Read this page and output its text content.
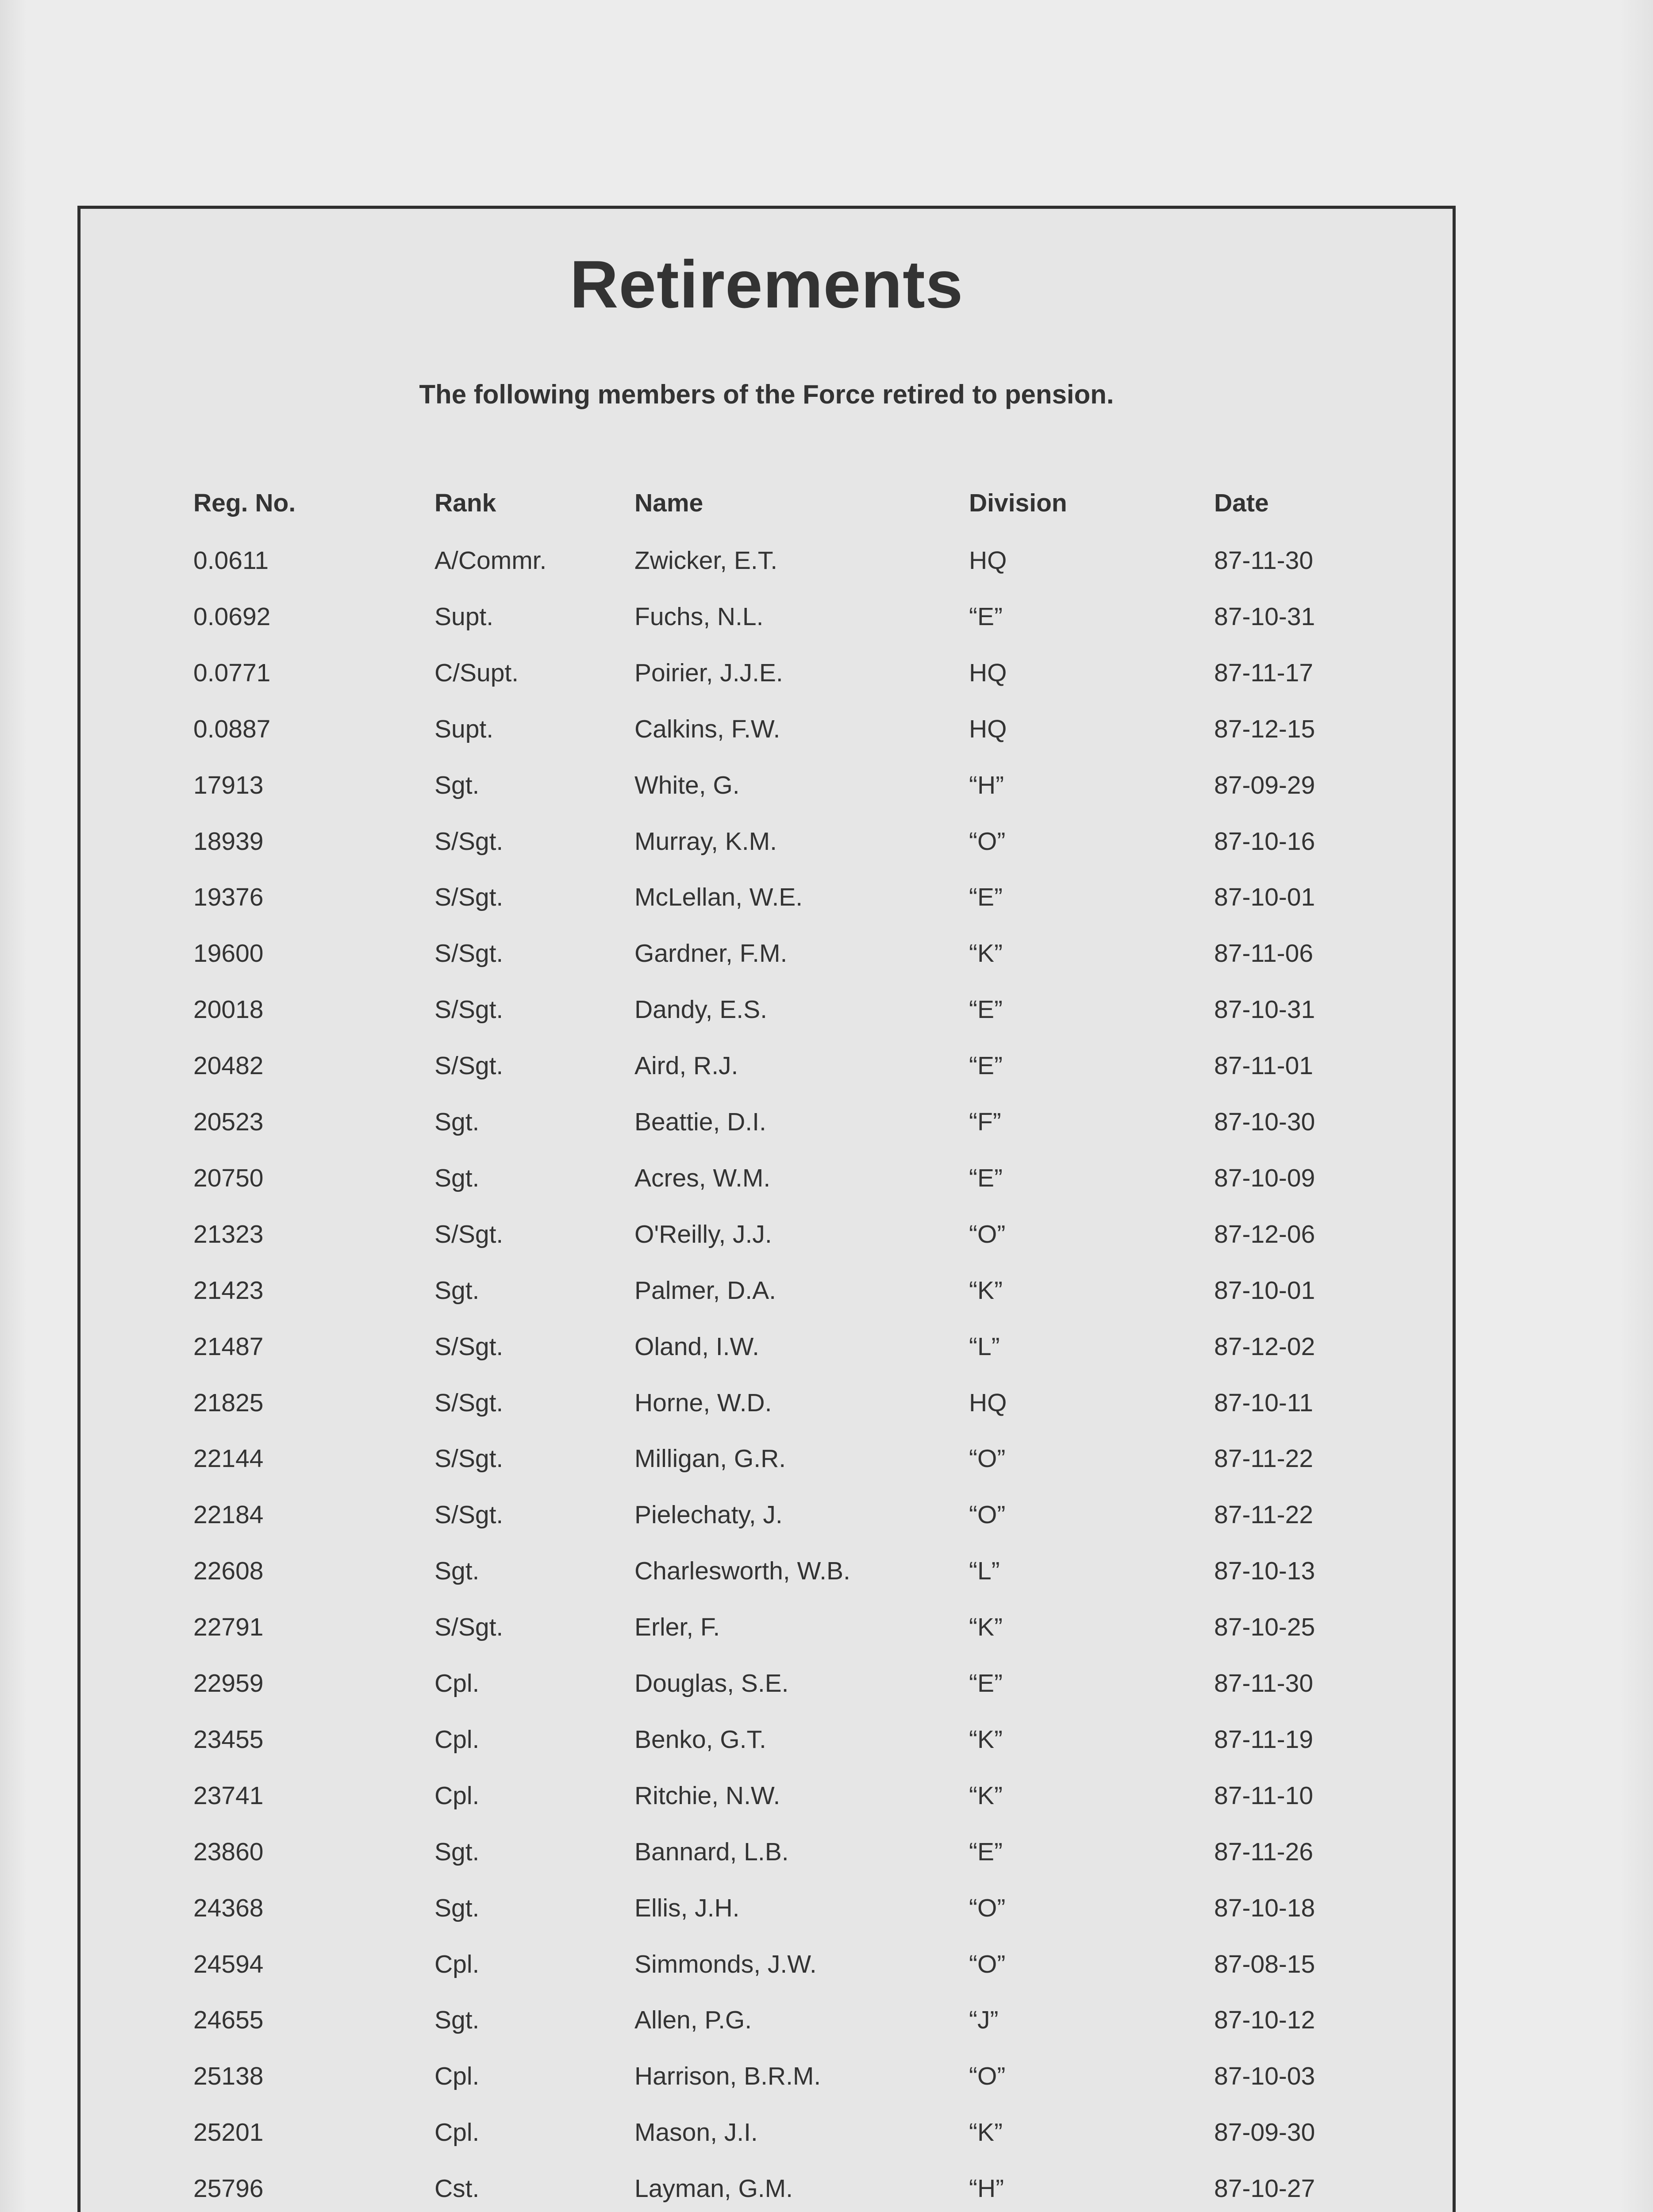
Retirements
The following members of the Force retired to pension.
Reg. No.	Rank	Name	Division	Date
0.0611	A/Commr.	Zwicker, E.T.	HQ	87-11-30
0.0692	Supt.	Fuchs, N.L.	“E”	87-10-31
0.0771	C/Supt.	Poirier, J.J.E.	HQ	87-11-17
0.0887	Supt.	Calkins, F.W.	HQ	87-12-15
17913	Sgt.	White, G.	“H”	87-09-29
18939	S/Sgt.	Murray, K.M.	“O”	87-10-16
19376	S/Sgt.	McLellan, W.E.	“E”	87-10-01
19600	S/Sgt.	Gardner, F.M.	“K”	87-11-06
20018	S/Sgt.	Dandy, E.S.	“E”	87-10-31
20482	S/Sgt.	Aird, R.J.	“E”	87-11-01
20523	Sgt.	Beattie, D.I.	“F”	87-10-30
20750	Sgt.	Acres, W.M.	“E”	87-10-09
21323	S/Sgt.	O'Reilly, J.J.	“O”	87-12-06
21423	Sgt.	Palmer, D.A.	“K”	87-10-01
21487	S/Sgt.	Oland, I.W.	“L”	87-12-02
21825	S/Sgt.	Horne, W.D.	HQ	87-10-11
22144	S/Sgt.	Milligan, G.R.	“O”	87-11-22
22184	S/Sgt.	Pielechaty, J.	“O”	87-11-22
22608	Sgt.	Charlesworth, W.B.	“L”	87-10-13
22791	S/Sgt.	Erler, F.	“K”	87-10-25
22959	Cpl.	Douglas, S.E.	“E”	87-11-30
23455	Cpl.	Benko, G.T.	“K”	87-11-19
23741	Cpl.	Ritchie, N.W.	“K”	87-11-10
23860	Sgt.	Bannard, L.B.	“E”	87-11-26
24368	Sgt.	Ellis, J.H.	“O”	87-10-18
24594	Cpl.	Simmonds, J.W.	“O”	87-08-15
24655	Sgt.	Allen, P.G.	“J”	87-10-12
25138	Cpl.	Harrison, B.R.M.	“O”	87-10-03
25201	Cpl.	Mason, J.I.	“K”	87-09-30
25796	Cst.	Layman, G.M.	“H”	87-10-27
